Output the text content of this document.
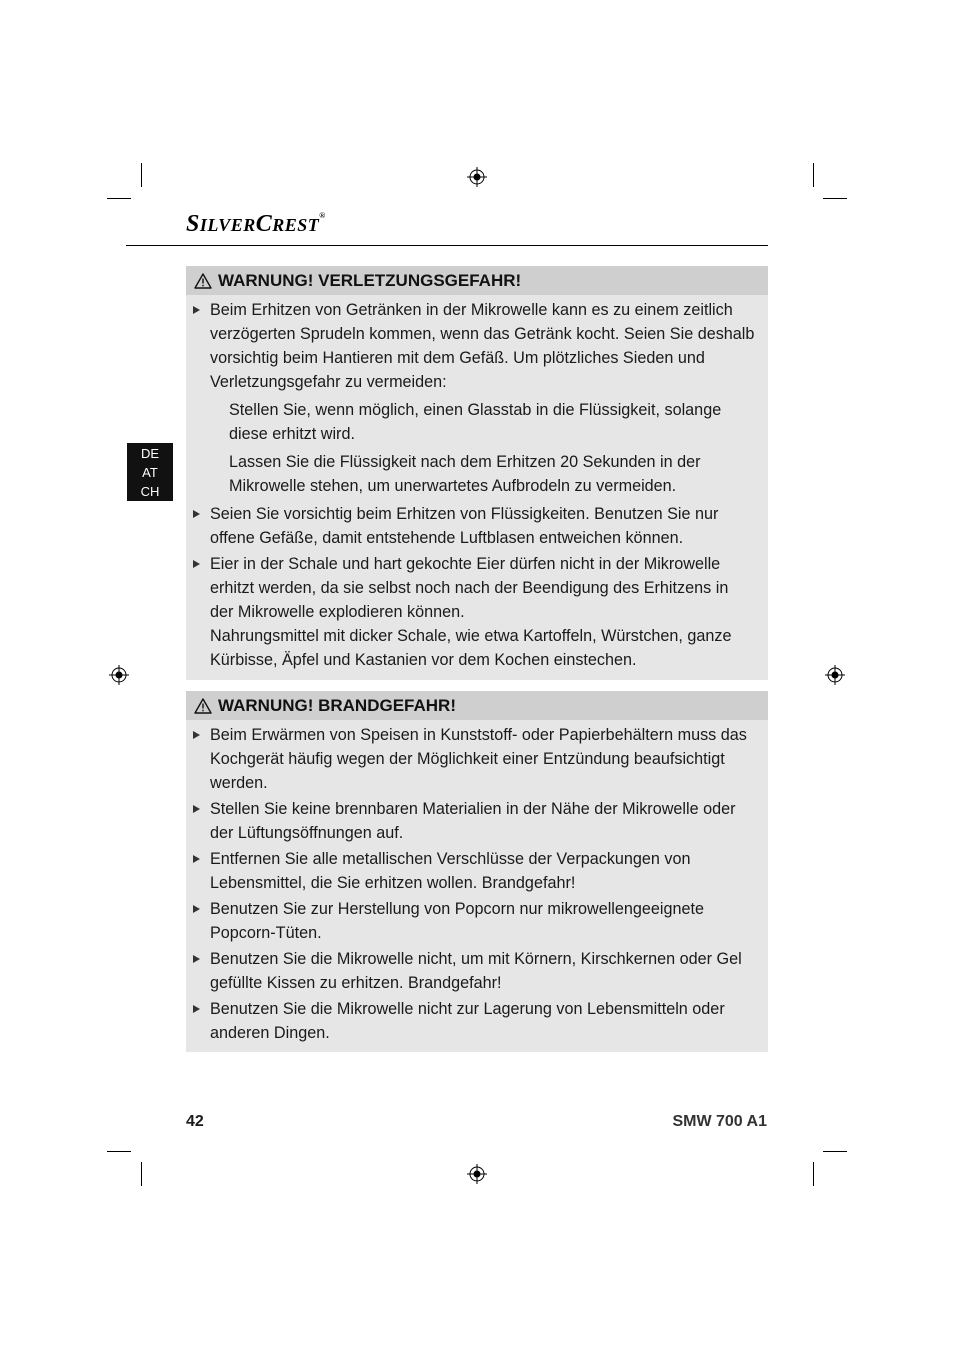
SILVERCREST®
DE
AT
CH
WARNUNG! VERLETZUNGSGEFAHR!
Beim Erhitzen von Getränken in der Mikrowelle kann es zu einem zeitlich verzögerten Sprudeln kommen, wenn das Getränk kocht. Seien Sie deshalb vorsichtig beim Hantieren mit dem Gefäß. Um plötzliches Sieden und Verletzungsgefahr zu vermeiden:
Stellen Sie, wenn möglich, einen Glasstab in die Flüssigkeit, solange diese erhitzt wird.
Lassen Sie die Flüssigkeit nach dem Erhitzen 20 Sekunden in der Mikrowelle stehen, um unerwartetes Aufbrodeln zu vermeiden.
Seien Sie vorsichtig beim Erhitzen von Flüssigkeiten. Benutzen Sie nur offene Gefäße, damit entstehende Luftblasen entweichen können.
Eier in der Schale und hart gekochte Eier dürfen nicht in der Mikrowelle erhitzt werden, da sie selbst noch nach der Beendigung des Erhitzens in der Mikrowelle explodieren können.
Nahrungsmittel mit dicker Schale, wie etwa Kartoffeln, Würstchen, ganze Kürbisse, Äpfel und Kastanien vor dem Kochen einstechen.
WARNUNG! BRANDGEFAHR!
Beim Erwärmen von Speisen in Kunststoff- oder Papierbehältern muss das Kochgerät häufig wegen der Möglichkeit einer Entzündung beaufsichtigt werden.
Stellen Sie keine brennbaren Materialien in der Nähe der Mikrowelle oder der Lüftungsöffnungen auf.
Entfernen Sie alle metallischen Verschlüsse der Verpackungen von Lebensmittel, die Sie erhitzen wollen. Brandgefahr!
Benutzen Sie zur Herstellung von Popcorn nur mikrowellengeeignete Popcorn-Tüten.
Benutzen Sie die Mikrowelle nicht, um mit Körnern, Kirschkernen oder Gel gefüllte Kissen zu erhitzen. Brandgefahr!
Benutzen Sie die Mikrowelle nicht zur Lagerung von Lebensmitteln oder anderen Dingen.
42	SMW 700 A1
